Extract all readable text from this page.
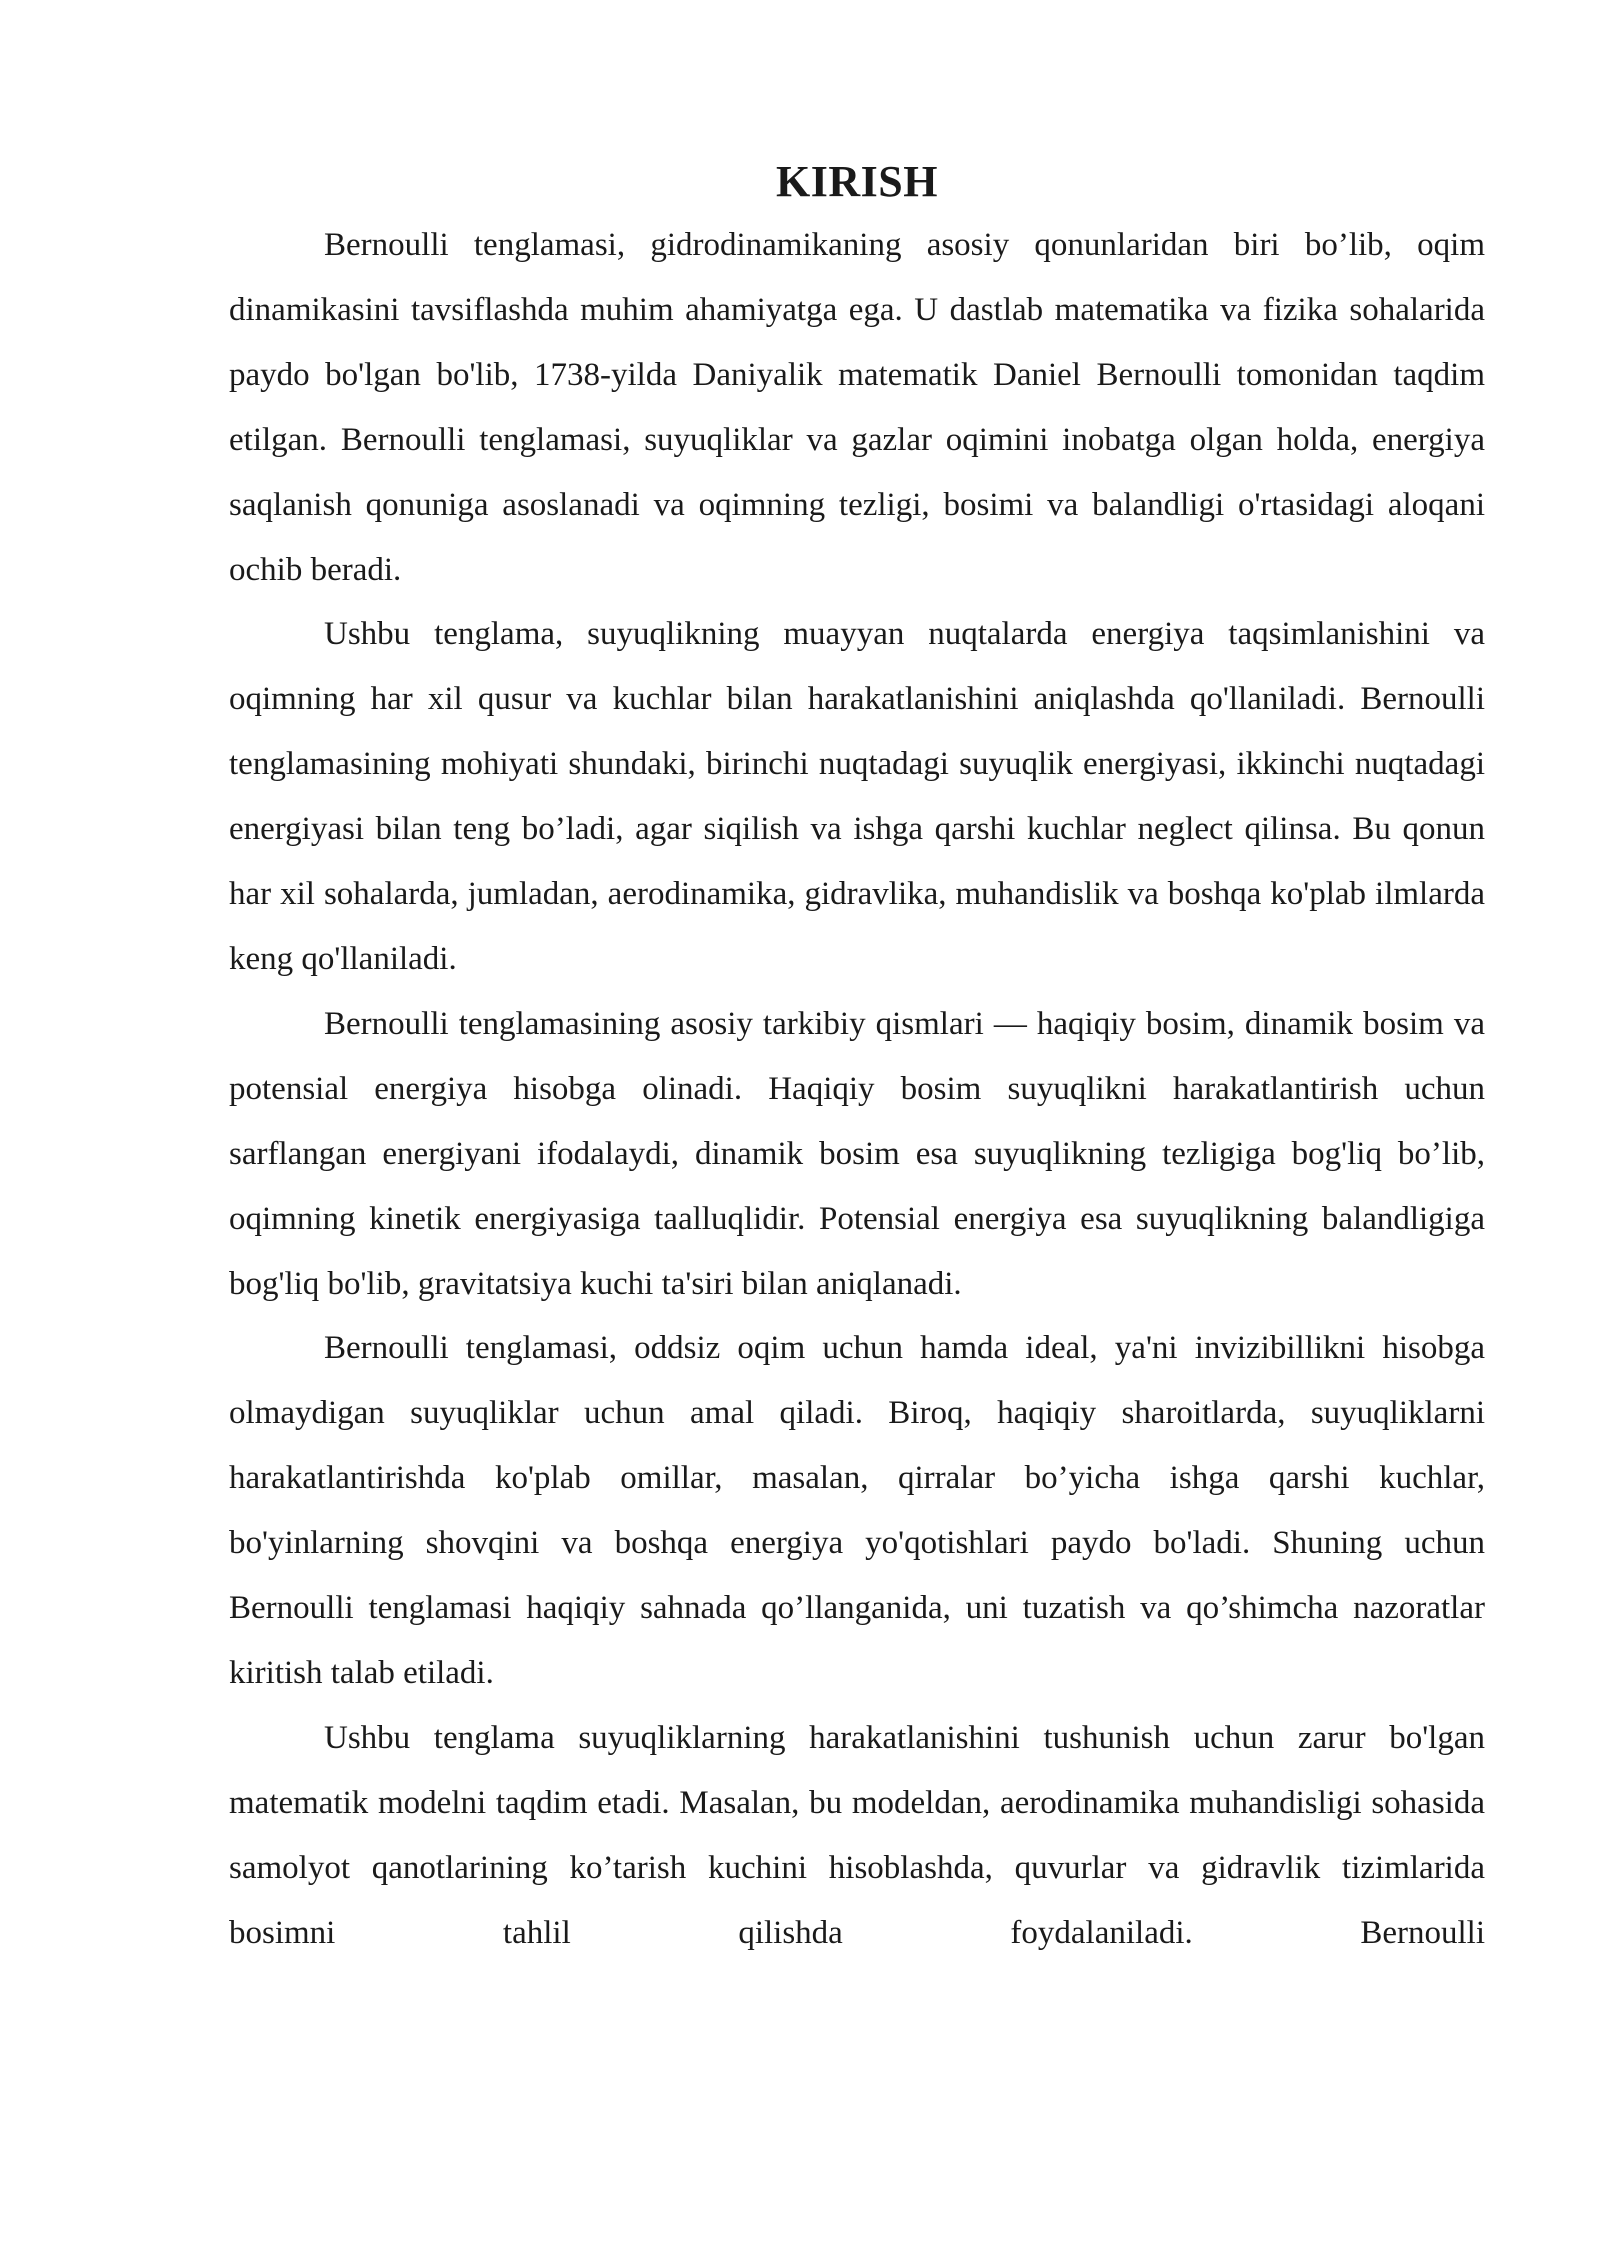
KIRISH

Bernoulli tenglamasi, gidrodinamikaning asosiy qonunlaridan biri bo’lib, oqim dinamikasini tavsiflashda muhim ahamiyatga ega. U dastlab matematika va fizika sohalarida paydo bo'lgan bo'lib, 1738-yilda Daniyalik matematik Daniel Bernoulli tomonidan taqdim etilgan. Bernoulli tenglamasi, suyuqliklar va gazlar oqimini inobatga olgan holda, energiya saqlanish qonuniga asoslanadi va oqimning tezligi, bosimi va balandligi o'rtasidagi aloqani ochib beradi.

Ushbu tenglama, suyuqlikning muayyan nuqtalarda energiya taqsimlanishini va oqimning har xil qusur va kuchlar bilan harakatlanishini aniqlashda qo'llaniladi. Bernoulli tenglamasining mohiyati shundaki, birinchi nuqtadagi suyuqlik energiyasi, ikkinchi nuqtadagi energiyasi bilan teng bo’ladi, agar siqilish va ishga qarshi kuchlar neglect qilinsa. Bu qonun har xil sohalarda, jumladan, aerodinamika, gidravlika, muhandislik va boshqa ko'plab ilmlarda keng qo'llaniladi.

Bernoulli tenglamasining asosiy tarkibiy qismlari — haqiqiy bosim, dinamik bosim va potensial energiya hisobga olinadi. Haqiqiy bosim suyuqlikni harakatlantirish uchun sarflangan energiyani ifodalaydi, dinamik bosim esa suyuqlikning tezligiga bog'liq bo’lib, oqimning kinetik energiyasiga taalluqlidir. Potensial energiya esa suyuqlikning balandligiga bog'liq bo'lib, gravitatsiya kuchi ta'siri bilan aniqlanadi.

Bernoulli tenglamasi, oddsiz oqim uchun hamda ideal, ya'ni invizibillikni hisobga olmaydigan suyuqliklar uchun amal qiladi. Biroq, haqiqiy sharoitlarda, suyuqliklarni harakatlantirishda ko'plab omillar, masalan, qirralar bo’yicha ishga qarshi kuchlar, bo'yinlarning shovqini va boshqa energiya yo'qotishlari paydo bo'ladi. Shuning uchun Bernoulli tenglamasi haqiqiy sahnada qo’llanganida, uni tuzatish va qo’shimcha nazoratlar kiritish talab etiladi.

Ushbu tenglama suyuqliklarning harakatlanishini tushunish uchun zarur bo'lgan matematik modelni taqdim etadi. Masalan, bu modeldan, aerodinamika muhandisligi sohasida samolyot qanotlarining ko’tarish kuchini hisoblashda, quvurlar va gidravlik tizimlarida bosimni tahlil qilishda foydalaniladi. Bernoulli
